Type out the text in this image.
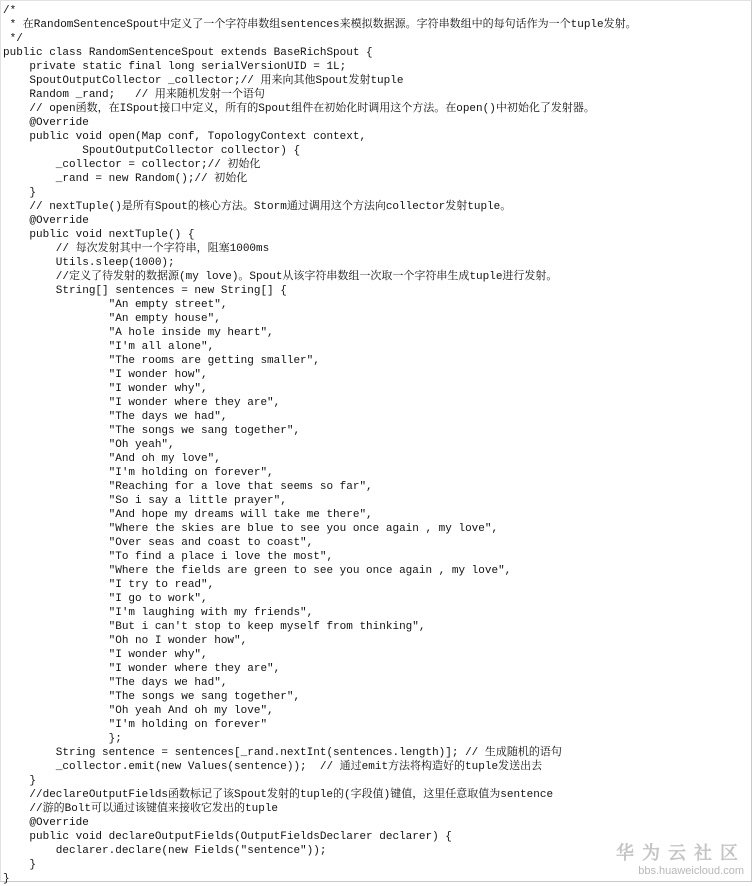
/*
* 在RandomSentenceSpout中定义了一个字符串数组sentences来模拟数据源。字符串数组中的每句话作为一个tuple发射。
*/
public class RandomSentenceSpout extends BaseRichSpout {
private static final long serialVersionUID = 1L;
SpoutOutputCollector _collector;// 用来向其他Spout发射tuple
Random _rand;   // 用来随机发射一个语句
// open函数，在ISpout接口中定义，所有的Spout组件在初始化时调用这个方法。在open()中初始化了发射器。
@Override
public void open(Map conf, TopologyContext context,
SpoutOutputCollector collector) {
_collector = collector;// 初始化
_rand = new Random();// 初始化
}
// nextTuple()是所有Spout的核心方法。Storm通过调用这个方法向collector发射tuple。
@Override
public void nextTuple() {
// 每次发射其中一个字符串，阻塞1000ms
Utils.sleep(1000);
//定义了待发射的数据源(my love)。Spout从该字符串数组一次取一个字符串生成tuple进行发射。
String[] sentences = new String[] {
"An empty street",
"An empty house",
"A hole inside my heart",
"I'm all alone",
"The rooms are getting smaller",
"I wonder how",
"I wonder why",
"I wonder where they are",
"The days we had",
"The songs we sang together",
"Oh yeah",
"And oh my love",
"I'm holding on forever",
"Reaching for a love that seems so far",
"So i say a little prayer",
"And hope my dreams will take me there",
"Where the skies are blue to see you once again , my love",
"Over seas and coast to coast",
"To find a place i love the most",
"Where the fields are green to see you once again , my love",
"I try to read",
"I go to work",
"I'm laughing with my friends",
"But i can't stop to keep myself from thinking",
"Oh no I wonder how",
"I wonder why",
"I wonder where they are",
"The days we had",
"The songs we sang together",
"Oh yeah And oh my love",
"I'm holding on forever"
};
String sentence = sentences[_rand.nextInt(sentences.length)]; // 生成随机的语句
_collector.emit(new Values(sentence));  // 通过emit方法将构造好的tuple发送出去
}
//declareOutputFields函数标记了该Spout发射的tuple的(字段值)键值，这里任意取值为sentence
//游的Bolt可以通过该键值来接收它发出的tuple
@Override
public void declareOutputFields(OutputFieldsDeclarer declarer) {
declarer.declare(new Fields("sentence"));
}
}
华为云社区
bbs.huaweicloud.com
